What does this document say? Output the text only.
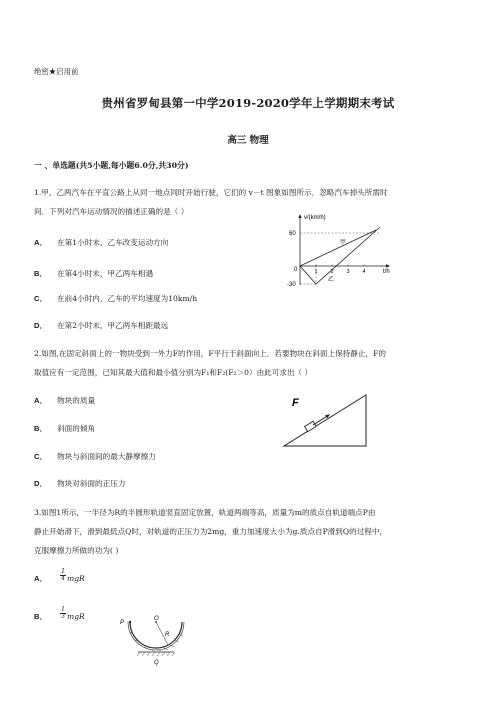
绝密★启用前
贵州省罗甸县第一中学2019-2020学年上学期期末考试
高三 物理
一 、单选题(共5小题,每小题6.0分,共30分)
1.甲，乙两汽车在平直公路上从同一地点同时开始行驶，它们的 v－t 图象如图所示．忽略汽车掉头所需时
间．下列对汽车运动情况的描述正确的是（ ）
A． 在第1小时末，乙车改变运动方向
B． 在第4小时末，甲乙两车相遇
C． 在前4小时内，乙车的平均速度为10km/h
D． 在第2小时末，甲乙两车相距最远
v/(km/h)
t/h
60
-30
0	1 2 3 4
甲
乙
2.如图,在固定斜面上的一物块受到一外力F的作用，F平行于斜面向上．若要物块在斜面上保持静止，F的
取值应有一定范围，已知其最大值和最小值分别为F₁和F₂(F₂＞0）由此可求出（ ）
A． 物块的质量
B． 斜面的倾角
C． 物块与斜面间的最大静摩擦力
D． 物块对斜面的正压力
F
3.如图1所示，一半径为R的半圆形轨道竖直固定放置，轨道两端等高，质量为m的质点自轨道端点P由
静止开始滑下，滑到最低点Q时，对轨道的正压力为2mg，重力加速度大小为g.质点自P滑到Q的过程中，
克服摩擦力所做的功为( )
A．
1
4 mgR
B．
1
3 mgR
P
O
R
Q
